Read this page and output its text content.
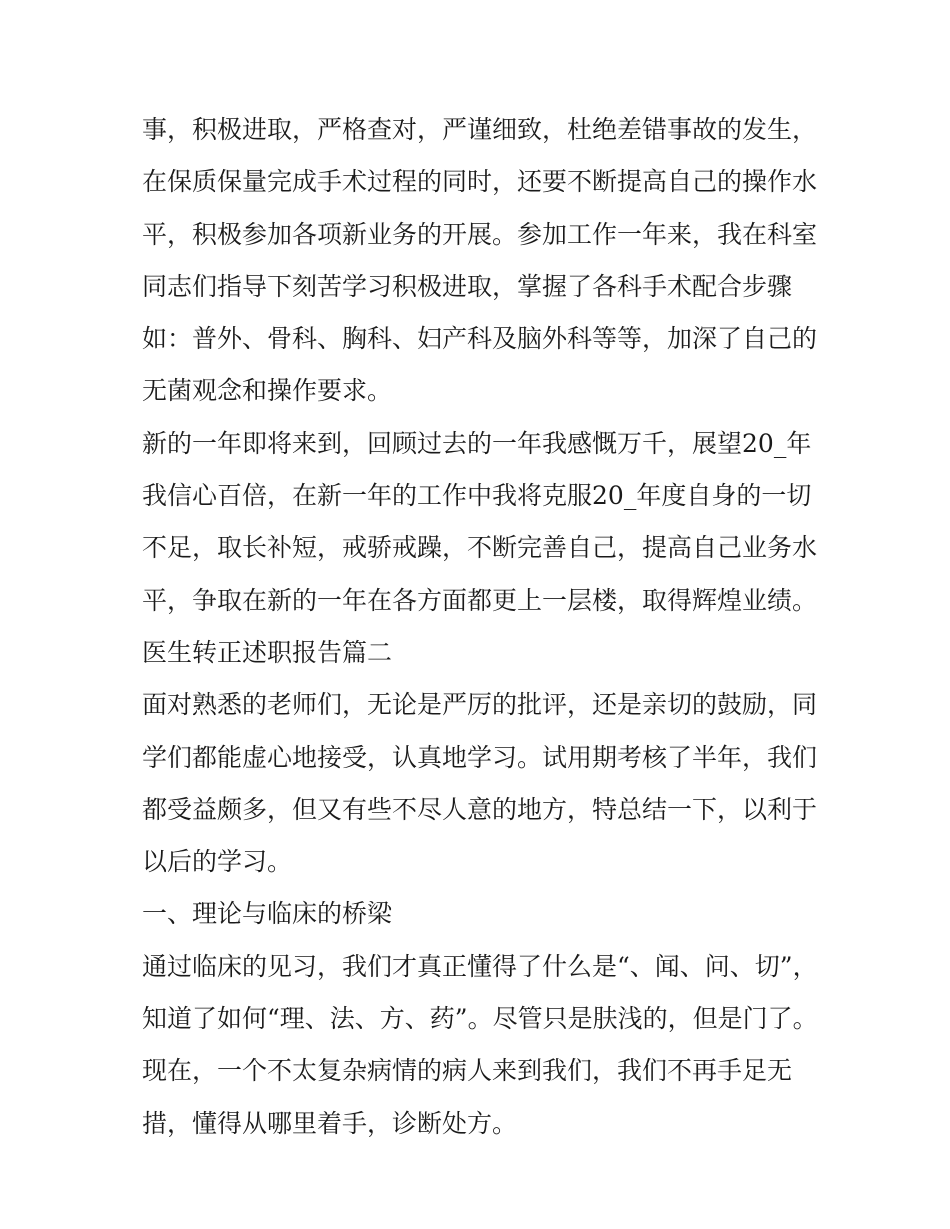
事，积极进取，严格查对，严谨细致，杜绝差错事故的发生，
在保质保量完成手术过程的同时，还要不断提高自己的操作水
平，积极参加各项新业务的开展。参加工作一年来，我在科室
同志们指导下刻苦学习积极进取，掌握了各科手术配合步骤
如：普外、骨科、胸科、妇产科及脑外科等等，加深了自己的
无菌观念和操作要求。
新的一年即将来到，回顾过去的一年我感慨万千，展望20_年
我信心百倍，在新一年的工作中我将克服20_年度自身的一切
不足，取长补短，戒骄戒躁，不断完善自己，提高自己业务水
平，争取在新的一年在各方面都更上一层楼，取得辉煌业绩。
医生转正述职报告篇二
面对熟悉的老师们，无论是严厉的批评，还是亲切的鼓励，同
学们都能虚心地接受，认真地学习。试用期考核了半年，我们
都受益颇多，但又有些不尽人意的地方，特总结一下，以利于
以后的学习。
一、理论与临床的桥梁
通过临床的见习，我们才真正懂得了什么是“、闻、问、切”，
知道了如何“理、法、方、药”。尽管只是肤浅的，但是门了。
现在，一个不太复杂病情的病人来到我们，我们不再手足无
措，懂得从哪里着手，诊断处方。
